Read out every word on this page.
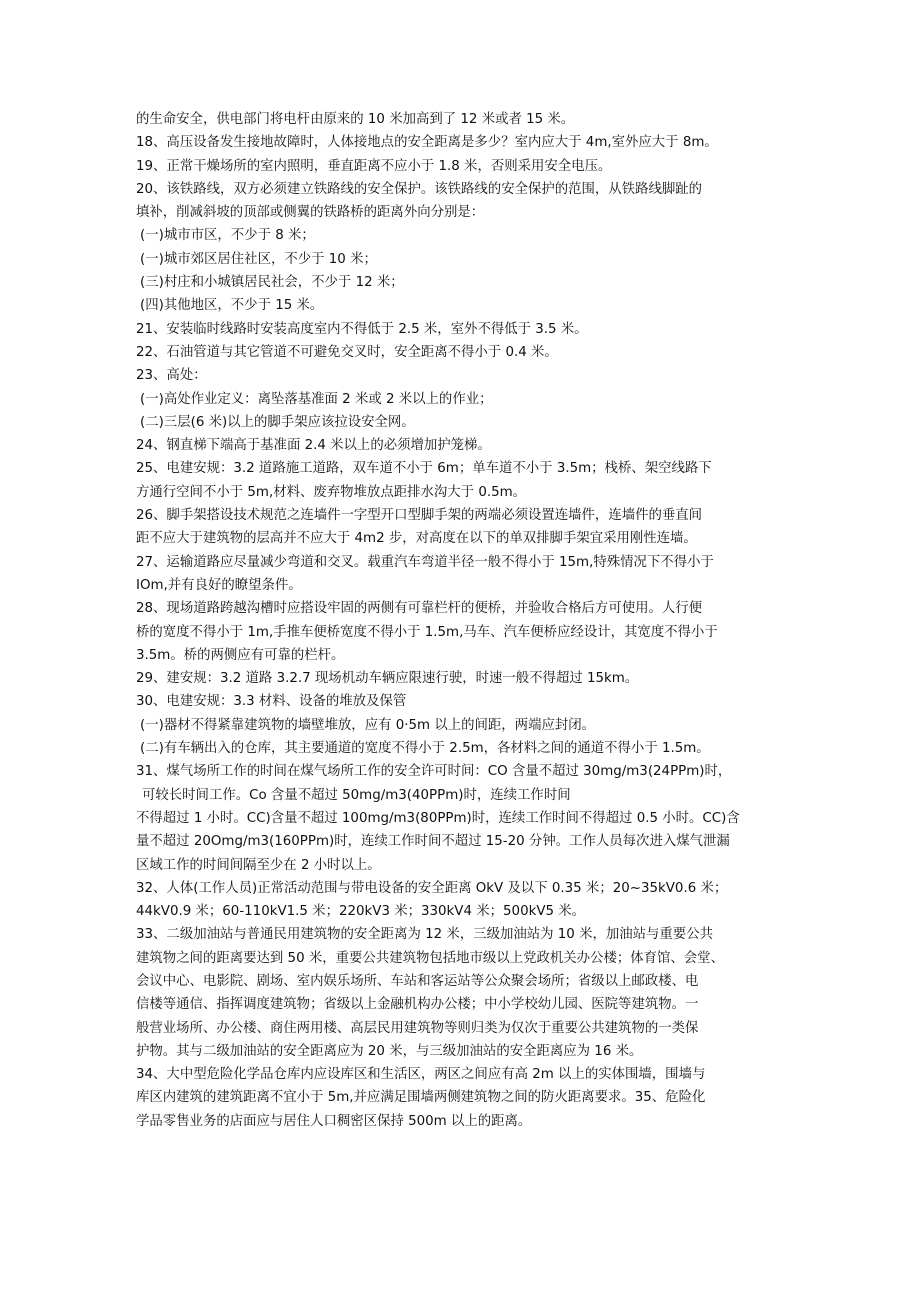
的生命安全，供电部门将电杆由原来的 10 米加高到了 12 米或者 15 米。
18、高压设备发生接地故障时，人体接地点的安全距离是多少？室内应大于 4m,室外应大于 8m。
19、正常干燥场所的室内照明，垂直距离不应小于 1.8 米，否则采用安全电压。
20、该铁路线，双方必须建立铁路线的安全保护。该铁路线的安全保护的范围，从铁路线脚趾的
填补，削减斜坡的顶部或侧翼的铁路桥的距离外向分别是：
(一)城市市区，不少于 8 米；
(一)城市郊区居住社区，不少于 10 米；
(三)村庄和小城镇居民社会，不少于 12 米；
(四)其他地区，不少于 15 米。
21、安装临时线路时安装高度室内不得低于 2.5 米，室外不得低于 3.5 米。
22、石油管道与其它管道不可避免交叉时，安全距离不得小于 0.4 米。
23、高处：
(一)高处作业定义：离坠落基准面 2 米或 2 米以上的作业；
(二)三层(6 米)以上的脚手架应该拉设安全网。
24、钢直梯下端高于基准面 2.4 米以上的必须增加护笼梯。
25、电建安规：3.2 道路施工道路，双车道不小于 6m；单车道不小于 3.5m；栈桥、架空线路下
方通行空间不小于 5m,材料、废弃物堆放点距排水沟大于 0.5m。
26、脚手架搭设技术规范之连墙件一字型开口型脚手架的两端必须设置连墙件，连墙件的垂直间
距不应大于建筑物的层高并不应大于 4m2 步，对高度在以下的单双排脚手架宜采用刚性连墙。
27、运输道路应尽量减少弯道和交叉。载重汽车弯道半径一般不得小于 15m,特殊情况下不得小于
IOm,并有良好的瞭望条件。
28、现场道路跨越沟槽时应搭设牢固的两侧有可靠栏杆的便桥，并验收合格后方可使用。人行便
桥的宽度不得小于 1m,手推车便桥宽度不得小于 1.5m,马车、汽车便桥应经设计，其宽度不得小于
3.5m。桥的两侧应有可靠的栏杆。
29、建安规：3.2 道路 3.2.7 现场机动车辆应限速行驶，时速一般不得超过 15km。
30、电建安规：3.3 材料、设备的堆放及保管
(一)器材不得紧靠建筑物的墙壁堆放，应有 0·5m 以上的间距，两端应封闭。
(二)有车辆出入的仓库，其主要通道的宽度不得小于 2.5m，各材料之间的通道不得小于 1.5m。
31、煤气场所工作的时间在煤气场所工作的安全许可时间：CO 含量不超过 30mg∕m3(24PPm)时，
可较长时间工作。Co 含量不超过 50mg∕m3(40PPm)时，连续工作时间
不得超过 1 小时。CC)含量不超过 100mg/m3(80PPm)时，连续工作时间不得超过 0.5 小时。CC)含
量不超过 20Omg/m3(160PPm)时，连续工作时间不超过 15-20 分钟。工作人员每次进入煤气泄漏
区域工作的时间间隔至少在 2 小时以上。
32、人体(工作人员)正常活动范围与带电设备的安全距离 OkV 及以下 0.35 米；20~35kV0.6 米；
44kV0.9 米；60-110kV1.5 米；220kV3 米；330kV4 米；500kV5 米。
33、二级加油站与普通民用建筑物的安全距离为 12 米，三级加油站为 10 米，加油站与重要公共
建筑物之间的距离要达到 50 米，重要公共建筑物包括地市级以上党政机关办公楼；体育馆、会堂、
会议中心、电影院、剧场、室内娱乐场所、车站和客运站等公众聚会场所；省级以上邮政楼、电
信楼等通信、指挥调度建筑物；省级以上金融机构办公楼；中小学校幼儿园、医院等建筑物。一
般营业场所、办公楼、商住两用楼、高层民用建筑物等则归类为仅次于重要公共建筑物的一类保
护物。其与二级加油站的安全距离应为 20 米，与三级加油站的安全距离应为 16 米。
34、大中型危险化学品仓库内应设库区和生活区，两区之间应有高 2m 以上的实体围墙，围墙与
库区内建筑的建筑距离不宜小于 5m,并应满足围墙两侧建筑物之间的防火距离要求。35、危险化
学品零售业务的店面应与居住人口稠密区保持 500m 以上的距离。
